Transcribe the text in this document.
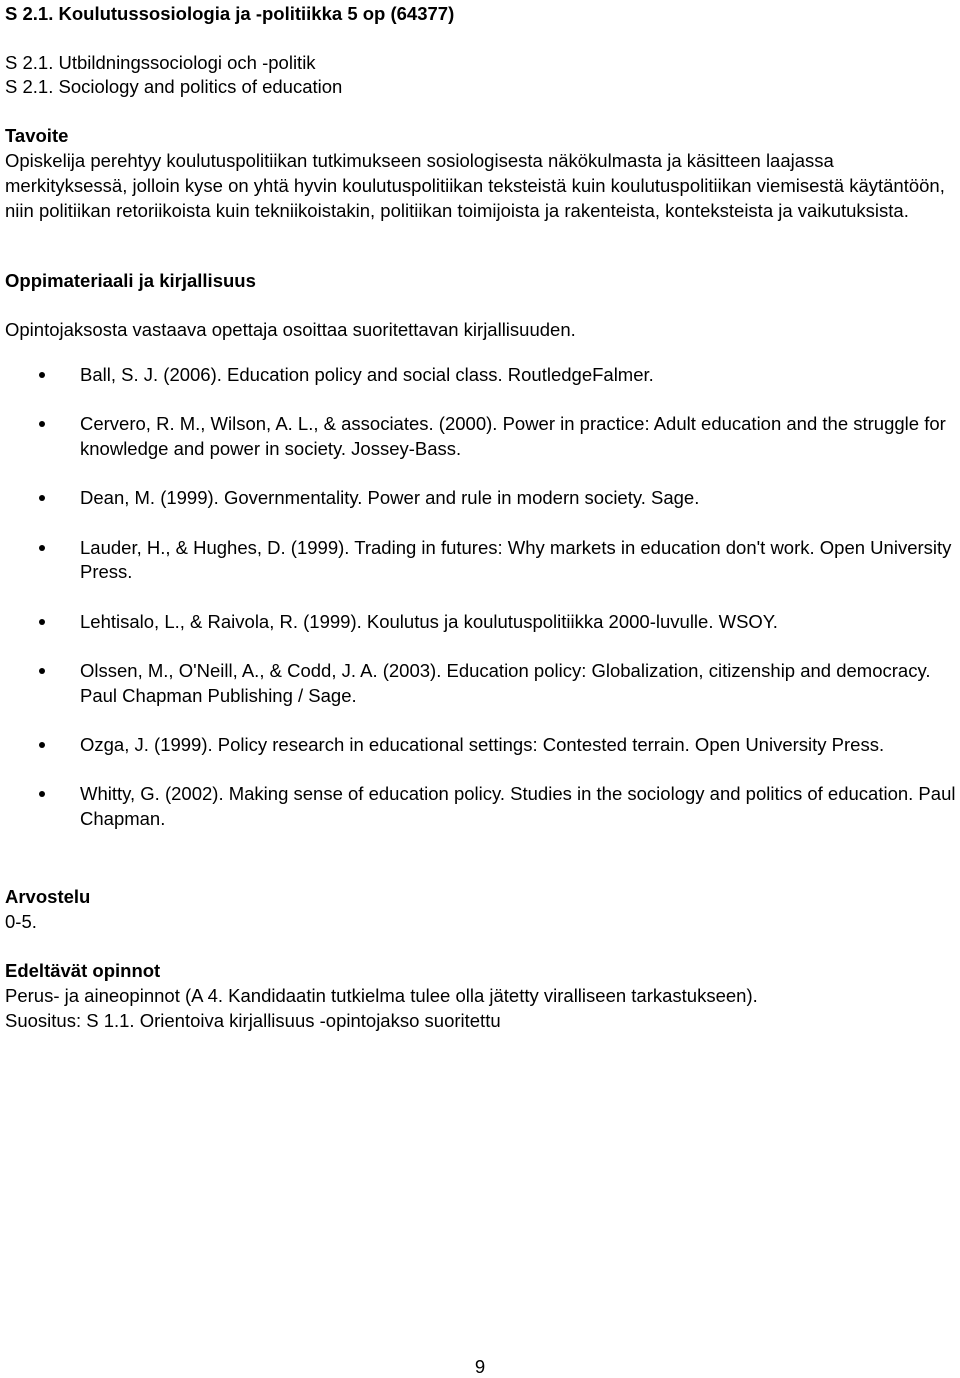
S 2.1. Koulutussosiologia ja -politiikka 5 op (64377)
S 2.1. Utbildningssociologi och -politik
S 2.1. Sociology and politics of education
Tavoite
Opiskelija perehtyy koulutuspolitiikan tutkimukseen sosiologisesta näkökulmasta ja käsitteen laajassa merkityksessä, jolloin kyse on yhtä hyvin koulutuspolitiikan teksteistä kuin koulutuspolitiikan viemisestä käytäntöön, niin politiikan retoriikoista kuin tekniikoistakin, politiikan toimijoista ja rakenteista, konteksteista ja vaikutuksista.
Oppimateriaali ja kirjallisuus
Opintojaksosta vastaava opettaja osoittaa suoritettavan kirjallisuuden.
Ball, S. J. (2006). Education policy and social class. RoutledgeFalmer.
Cervero, R. M., Wilson, A. L., & associates. (2000). Power in practice: Adult education and the struggle for knowledge and power in society. Jossey-Bass.
Dean, M. (1999). Governmentality. Power and rule in modern society. Sage.
Lauder, H., & Hughes, D. (1999). Trading in futures: Why markets in education don't work. Open University Press.
Lehtisalo, L., & Raivola, R. (1999). Koulutus ja koulutuspolitiikka 2000-luvulle. WSOY.
Olssen, M., O'Neill, A., & Codd, J. A. (2003). Education policy: Globalization, citizenship and democracy. Paul Chapman Publishing / Sage.
Ozga, J. (1999). Policy research in educational settings: Contested terrain. Open University Press.
Whitty, G. (2002). Making sense of education policy. Studies in the sociology and politics of education. Paul Chapman.
Arvostelu
0-5.
Edeltävät opinnot
Perus- ja aineopinnot (A 4. Kandidaatin tutkielma tulee olla jätetty viralliseen tarkastukseen).
Suositus: S 1.1. Orientoiva kirjallisuus -opintojakso suoritettu
9
